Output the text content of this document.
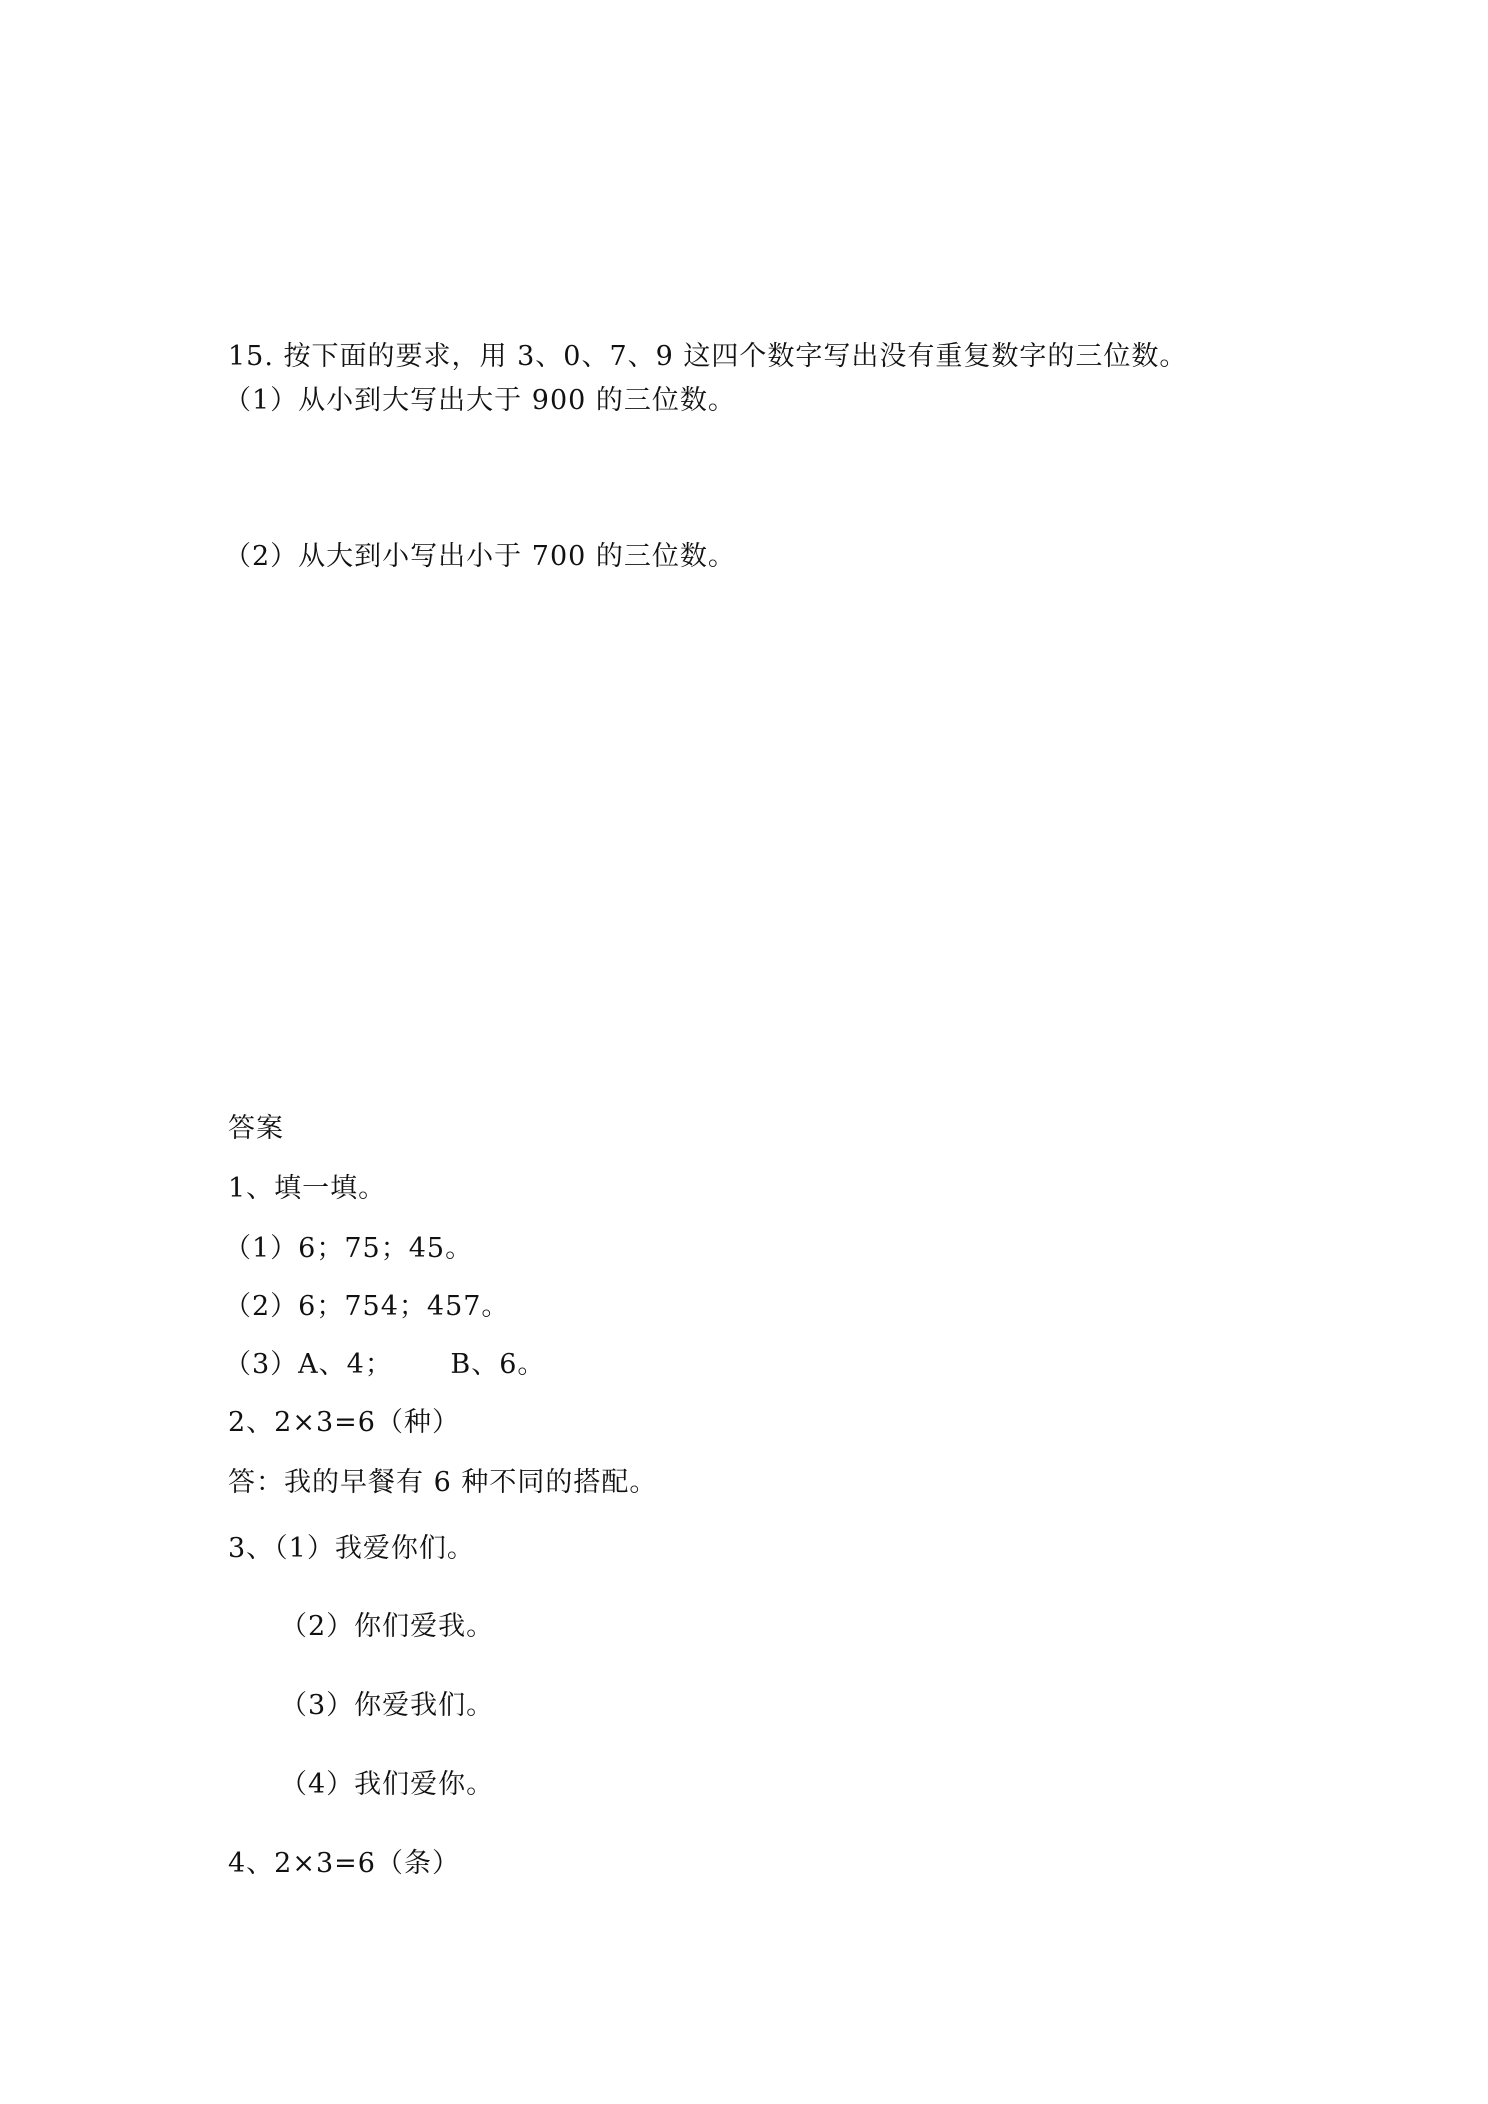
15. 按下面的要求，用 3、0、7、9 这四个数字写出没有重复数字的三位数。
（1）从小到大写出大于 900 的三位数。
（2）从大到小写出小于 700 的三位数。
答案
1、填一填。
（1）6；75；45。
（2）6；754；457。
（3）A、4；      B、6。
2、2×3=6（种）
答：我的早餐有 6 种不同的搭配。
3、（1）我爱你们。
（2）你们爱我。
（3）你爱我们。
（4）我们爱你。
4、2×3=6（条）
